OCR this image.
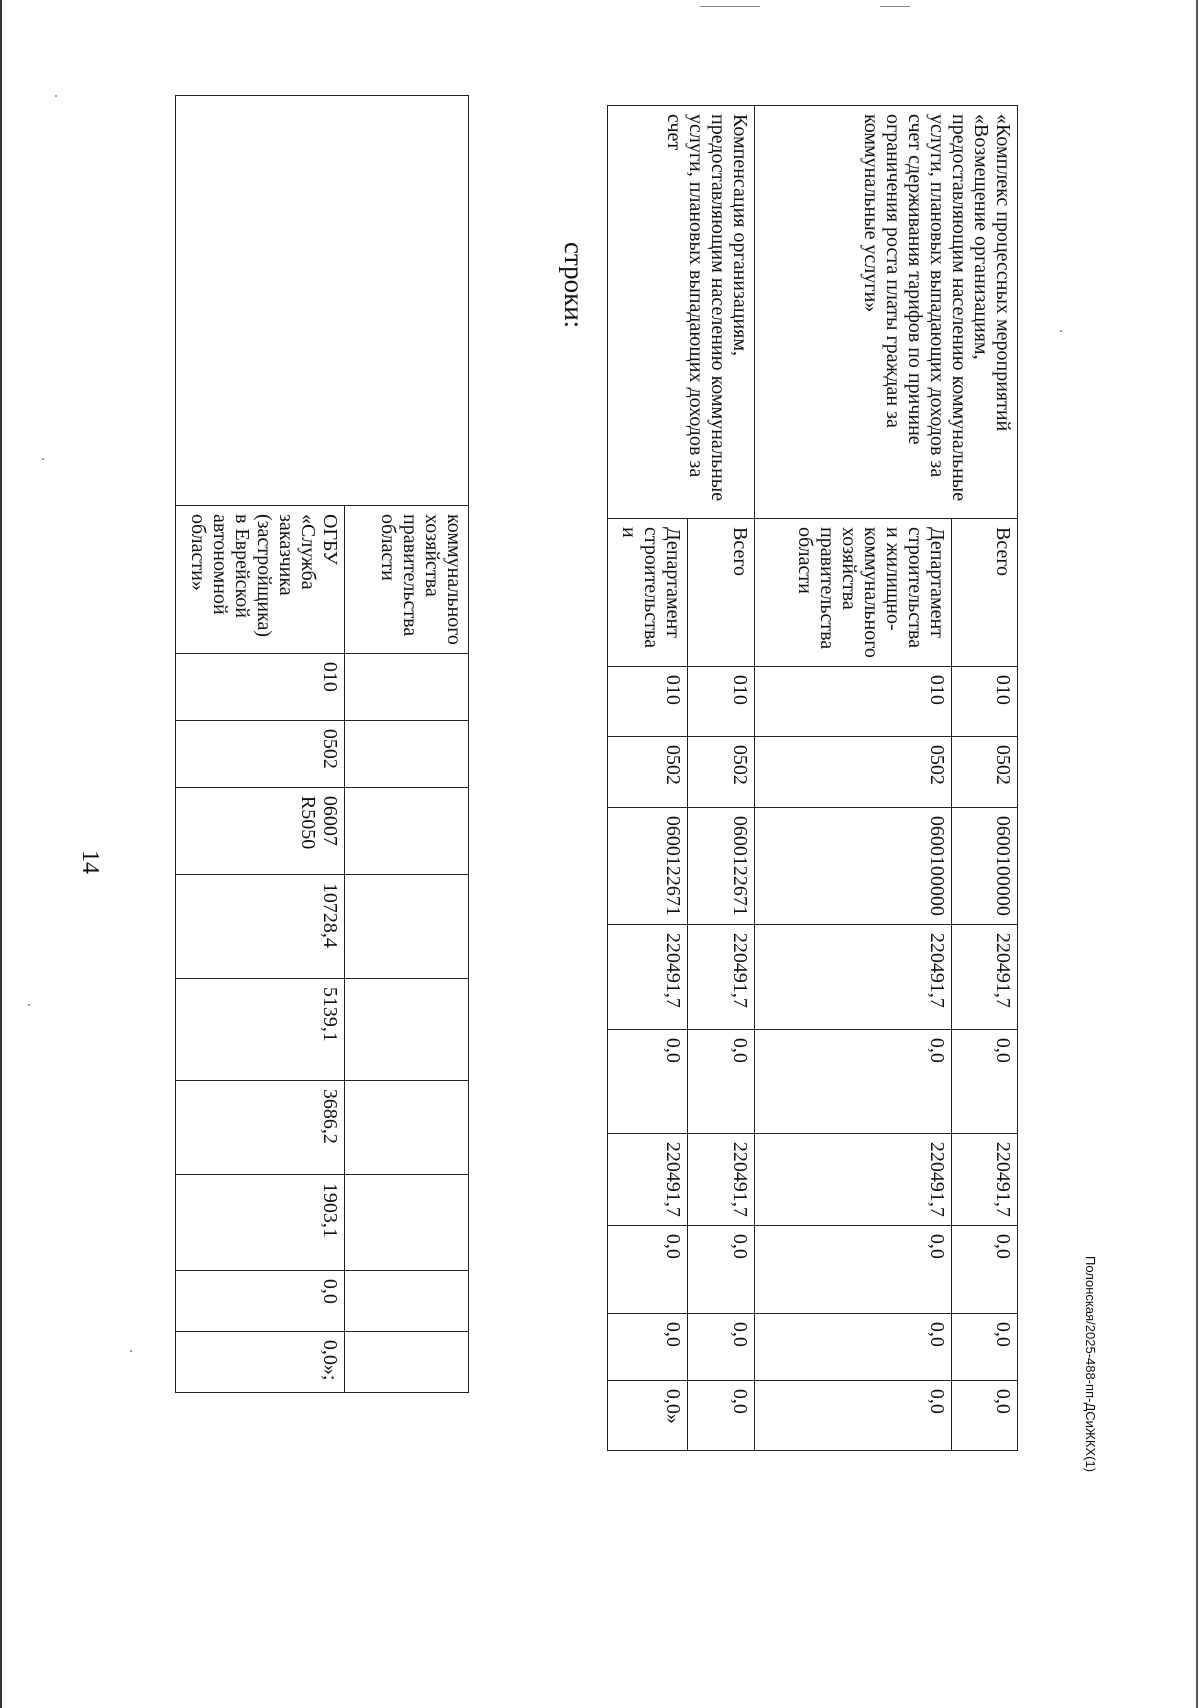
14
Полонская/2025-488-пп-ДСиЖКХ(1)
строки:
	коммунального хозяйства правительства области									
	ОГБУ «Служба заказчика (застройщика) в Еврейской автономной области»	010	0502	06007 R5050	10728,4	5139,1	3686,2	1903,1	0,0	0,0»;
«Комплекс процессных мероприятий «Возмещение организациям, предоставляющим населению коммунальные услуги, плановых выпадающих доходов за счет сдерживания тарифов по причине ограничения роста платы граждан за коммунальные услуги»	Всего	010	0502	0600100000	220491,7	0,0	220491,7	0,0	0,0	0,0
	Департамент строительства и жилищно-коммунального хозяйства правительства области	010	0502	0600100000	220491,7	0,0	220491,7	0,0	0,0	0,0
Компенсация организациям, предоставляющим населению коммунальные услуги, плановых выпадающих доходов за счет	Всего	010	0502	0600122671	220491,7	0,0	220491,7	0,0	0,0	0,0
	Департамент строительства и	010	0502	0600122671	220491,7	0,0	220491,7	0,0	0,0	0,0»
